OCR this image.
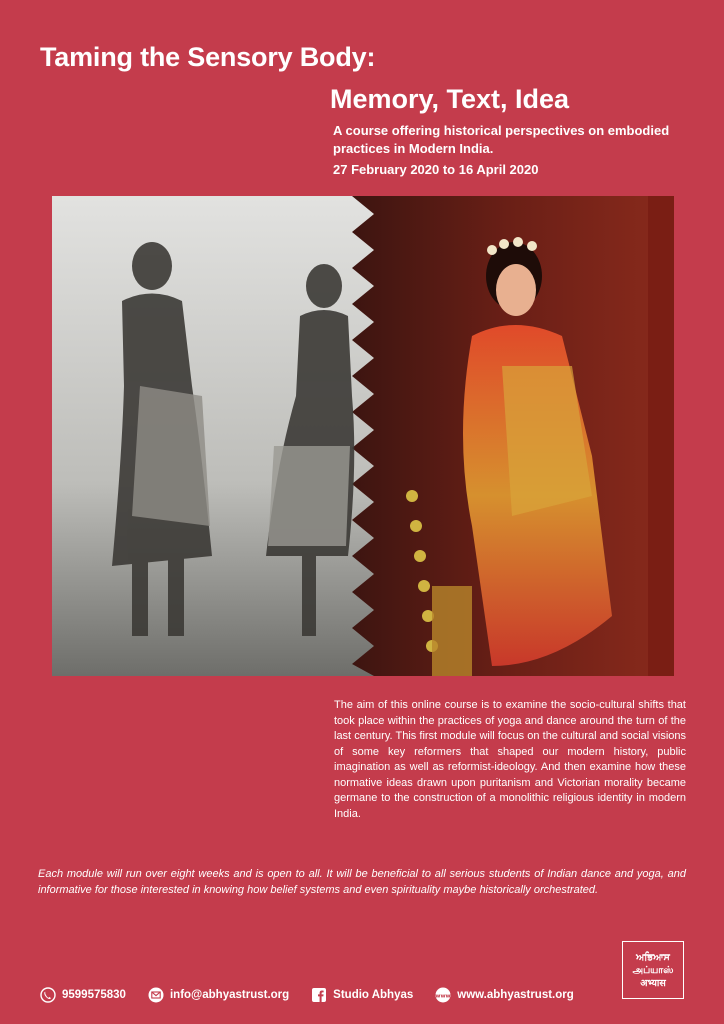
Taming the Sensory Body:
Memory, Text, Idea
A course offering historical perspectives on embodied practices in Modern India.
27 February 2020 to 16 April 2020
The aim of this online course is to examine the socio-cultural shifts that took place within the practices of yoga and dance around the turn of the last century. This first module will focus on the cultural and social visions of some key reformers that shaped our modern history, public imagination as well as reformist-ideology. And then examine how these normative ideas drawn upon puritanism and Victorian morality became germane to the construction of a monolithic religious identity in modern India.
Each module will run over eight weeks and is open to all. It will be beneficial to all serious students of Indian dance and yoga, and informative for those interested in knowing how belief systems and even spirituality maybe historically orchestrated.
ਅਭਿਆਸ
அப்யாஸ்
अभ्यास
9599575830	info@abhyastrust.org	Studio Abhyas	www www.abhyastrust.org
